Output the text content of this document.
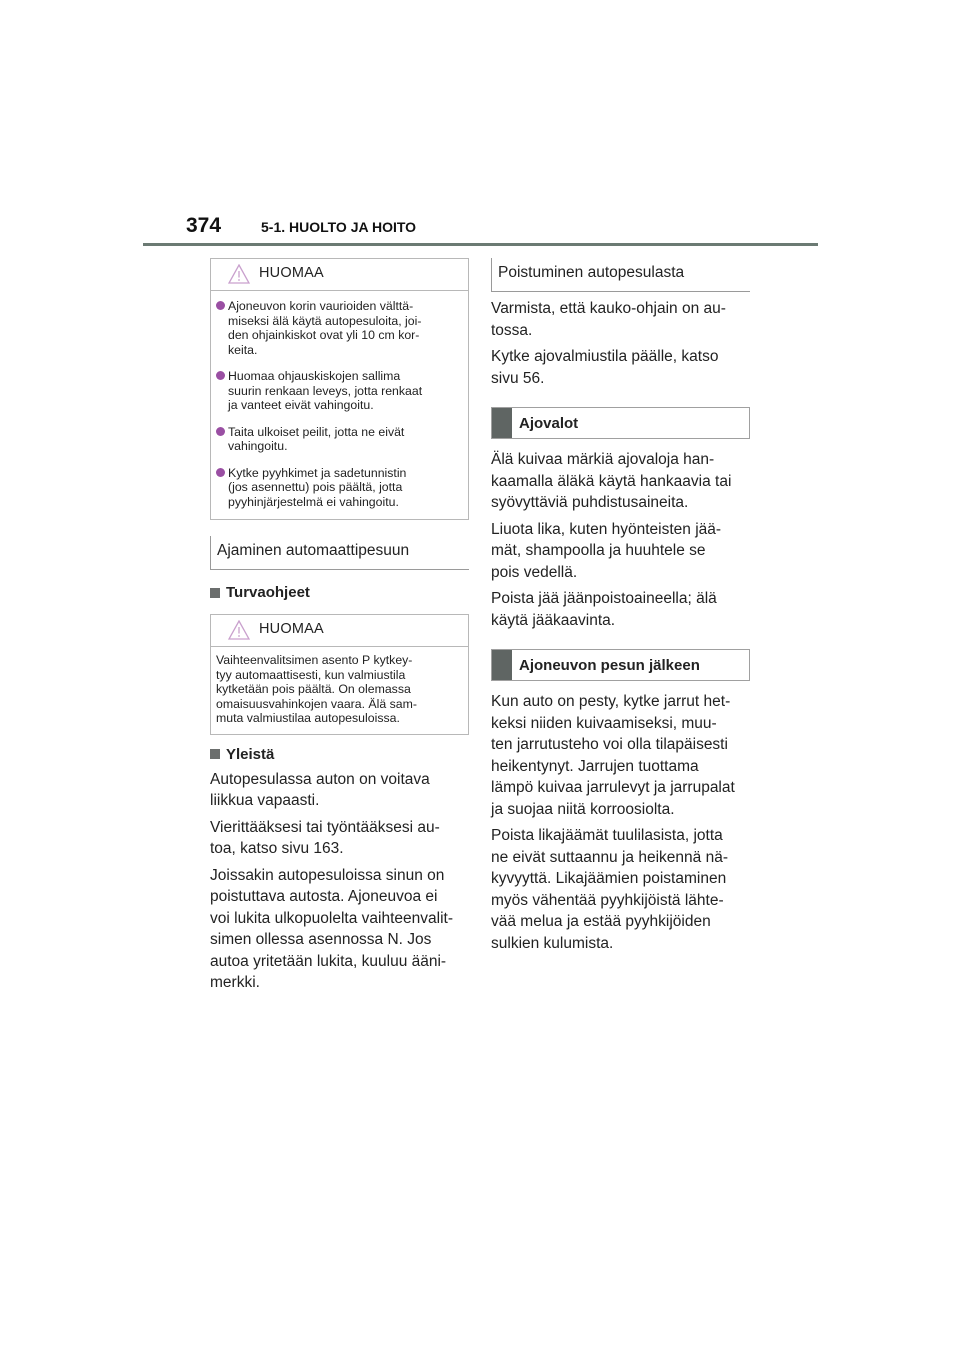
374	5-1. HUOLTO JA HOITO
HUOMAA
Ajoneuvon korin vaurioiden välttä-
miseksi älä käytä autopesuloita, joi-
den ohjainkiskot ovat yli 10 cm kor-
keita.
Huomaa ohjauskiskojen sallima
suurin renkaan leveys, jotta renkaat
ja vanteet eivät vahingoitu.
Taita ulkoiset peilit, jotta ne eivät
vahingoitu.
Kytke pyyhkimet ja sadetunnistin
(jos asennettu) pois päältä, jotta
pyyhinjärjestelmä ei vahingoitu.
Ajaminen automaattipesuun
Turvaohjeet
HUOMAA
Vaihteenvalitsimen asento P kytkey-
tyy automaattisesti, kun valmiustila
kytketään pois päältä. On olemassa
omaisuusvahinkojen vaara. Älä sam-
muta valmiustilaa autopesuloissa.
Yleistä
Autopesulassa auton on voitava
liikkua vapaasti.
Vierittääksesi tai työntääksesi au-
toa, katso sivu 163.
Joissakin autopesuloissa sinun on
poistuttava autosta. Ajoneuvoa ei
voi lukita ulkopuolelta vaihteenvalit-
simen ollessa asennossa N. Jos
autoa yritetään lukita, kuuluu ääni-
merkki.
Poistuminen autopesulasta
Varmista, että kauko-ohjain on au-
tossa.
Kytke ajovalmiustila päälle, katso
sivu 56.
Ajovalot
Älä kuivaa märkiä ajovaloja han-
kaamalla äläkä käytä hankaavia tai
syövyttäviä puhdistusaineita.
Liuota lika, kuten hyönteisten jää-
mät, shampoolla ja huuhtele se
pois vedellä.
Poista jää jäänpoistoaineella; älä
käytä jääkaavinta.
Ajoneuvon pesun jälkeen
Kun auto on pesty, kytke jarrut het-
keksi niiden kuivaamiseksi, muu-
ten jarrutusteho voi olla tilapäisesti
heikentynyt. Jarrujen tuottama
lämpö kuivaa jarrulevyt ja jarrupalat
ja suojaa niitä korroosiolta.
Poista likajäämät tuulilasista, jotta
ne eivät suttaannu ja heikennä nä-
kyvyyttä. Likajäämien poistaminen
myös vähentää pyyhkijöistä lähte-
vää melua ja estää pyyhkijöiden
sulkien kulumista.
